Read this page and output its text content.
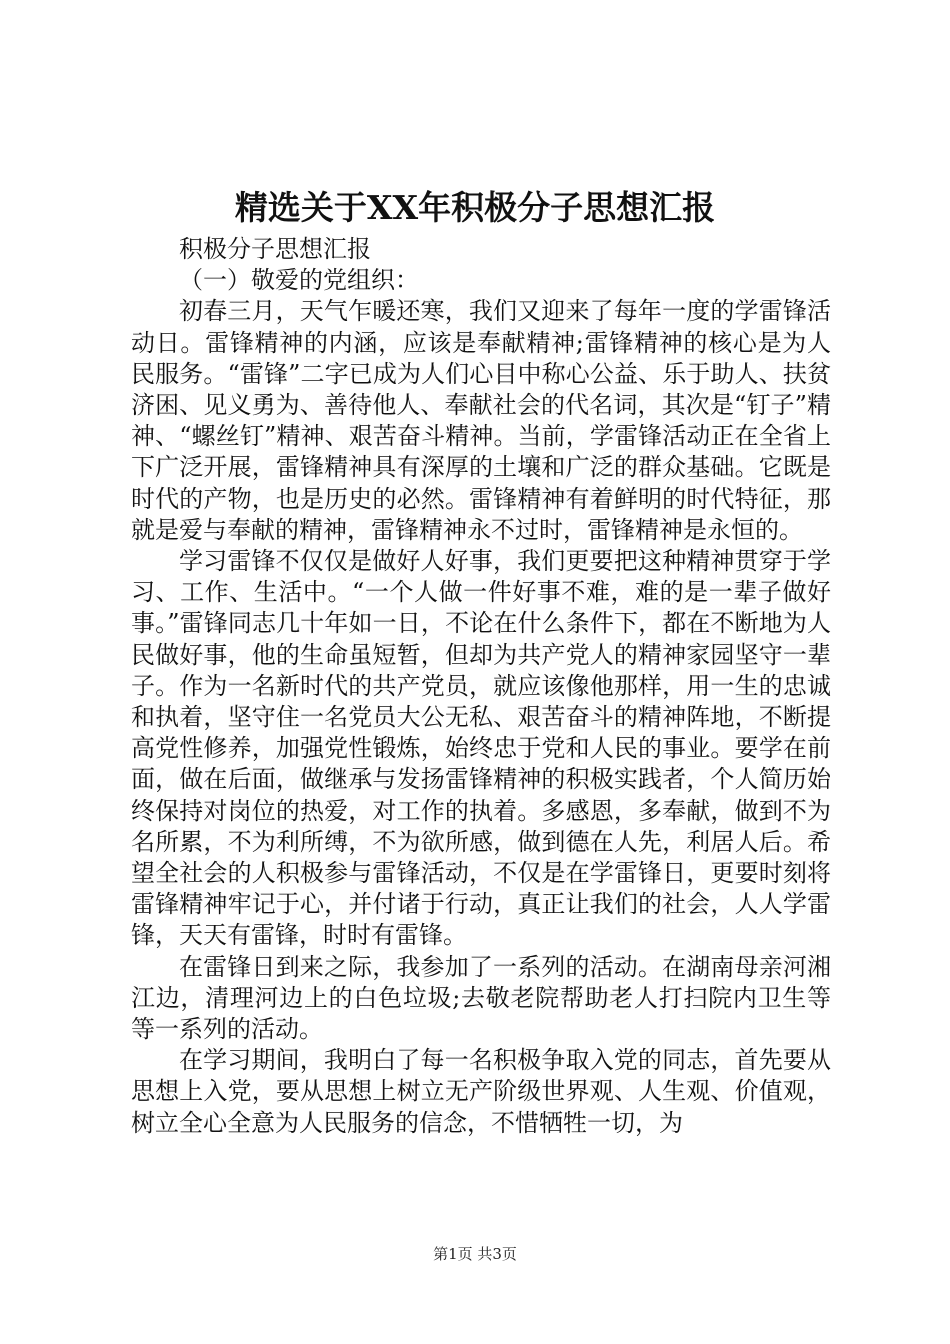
精选关于XX年积极分子思想汇报

积极分子思想汇报

（一）敬爱的党组织：

初春三月，天气乍暖还寒，我们又迎来了每年一度的学雷锋活动日。雷锋精神的内涵，应该是奉献精神;雷锋精神的核心是为人民服务。“雷锋”二字已成为人们心目中称心公益、乐于助人、扶贫济困、见义勇为、善待他人、奉献社会的代名词，其次是“钉子”精神、“螺丝钉”精神、艰苦奋斗精神。当前，学雷锋活动正在全省上下广泛开展，雷锋精神具有深厚的土壤和广泛的群众基础。它既是时代的产物，也是历史的必然。雷锋精神有着鲜明的时代特征，那就是爱与奉献的精神，雷锋精神永不过时，雷锋精神是永恒的。

学习雷锋不仅仅是做好人好事，我们更要把这种精神贯穿于学习、工作、生活中。“一个人做一件好事不难，难的是一辈子做好事。”雷锋同志几十年如一日，不论在什么条件下，都在不断地为人民做好事，他的生命虽短暂，但却为共产党人的精神家园坚守一辈子。作为一名新时代的共产党员，就应该像他那样，用一生的忠诚和执着，坚守住一名党员大公无私、艰苦奋斗的精神阵地，不断提高党性修养，加强党性锻炼，始终忠于党和人民的事业。要学在前面，做在后面，做继承与发扬雷锋精神的积极实践者，个人简历始终保持对岗位的热爱，对工作的执着。多感恩，多奉献，做到不为名所累，不为利所缚，不为欲所感，做到德在人先，利居人后。希望全社会的人积极参与雷锋活动，不仅是在学雷锋日，更要时刻将雷锋精神牢记于心，并付诸于行动，真正让我们的社会，人人学雷锋，天天有雷锋，时时有雷锋。

在雷锋日到来之际，我参加了一系列的活动。在湖南母亲河湘江边，清理河边上的白色垃圾;去敬老院帮助老人打扫院内卫生等等一系列的活动。

在学习期间，我明白了每一名积极争取入党的同志，首先要从思想上入党，要从思想上树立无产阶级世界观、人生观、价值观，树立全心全意为人民服务的信念，不惜牺牲一切，为

第1页 共3页
